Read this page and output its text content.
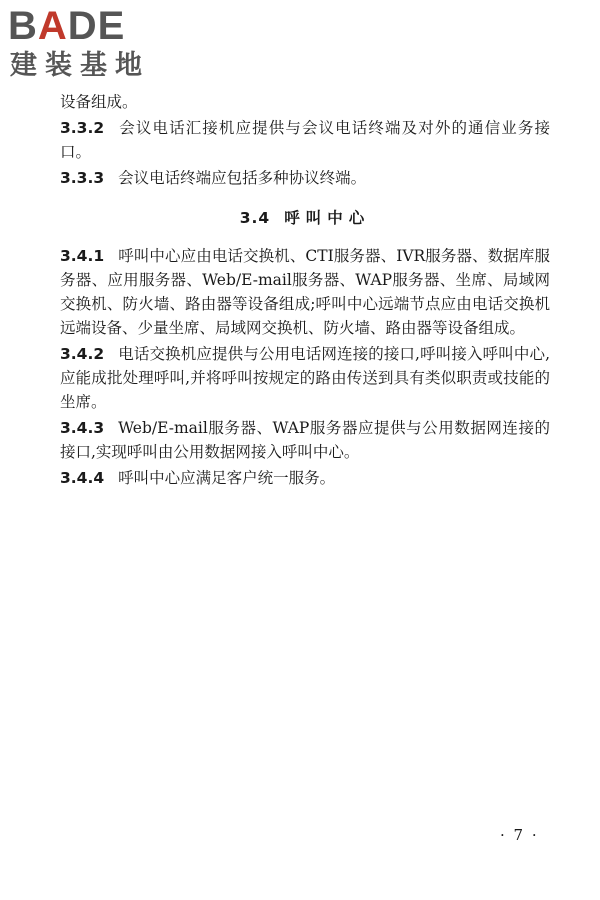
BADE
建装基地

设备组成。

3.3.2 会议电话汇接机应提供与会议电话终端及对外的通信业务接口。

3.3.3 会议电话终端应包括多种协议终端。

3.4 呼叫中心

3.4.1 呼叫中心应由电话交换机、CTI服务器、IVR服务器、数据库服务器、应用服务器、Web/E-mail服务器、WAP服务器、坐席、局域网交换机、防火墙、路由器等设备组成;呼叫中心远端节点应由电话交换机远端设备、少量坐席、局域网交换机、防火墙、路由器等设备组成。

3.4.2 电话交换机应提供与公用电话网连接的接口,呼叫接入呼叫中心,应能成批处理呼叫,并将呼叫按规定的路由传送到具有类似职责或技能的坐席。

3.4.3 Web/E-mail服务器、WAP服务器应提供与公用数据网连接的接口,实现呼叫由公用数据网接入呼叫中心。

3.4.4 呼叫中心应满足客户统一服务。

· 7 ·
